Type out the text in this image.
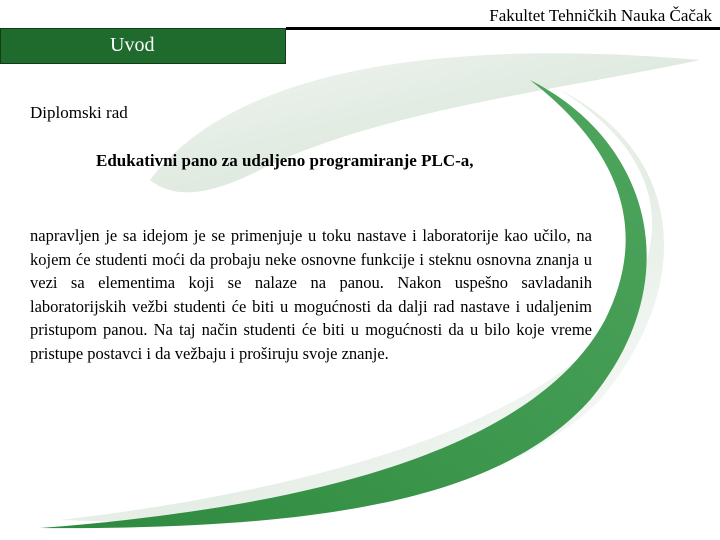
Fakultet Tehničkih Nauka Čačak
Uvod
Diplomski rad
Edukativni pano za udaljeno programiranje PLC-a,

napravljen je sa idejom je se primenjuje u toku nastave i laboratorije kao učilo, na kojem će studenti moći da probaju neke osnovne funkcije i steknu osnovna znanja u vezi sa elementima koji se nalaze na panou. Nakon uspešno savladanih laboratorijskih vežbi studenti će biti u mogućnosti da dalji rad nastave i udaljenim pristupom panou. Na taj način studenti će biti u mogućnosti da u bilo koje vreme pristupe postavci i da vežbaju i proširuju svoje znanje.
